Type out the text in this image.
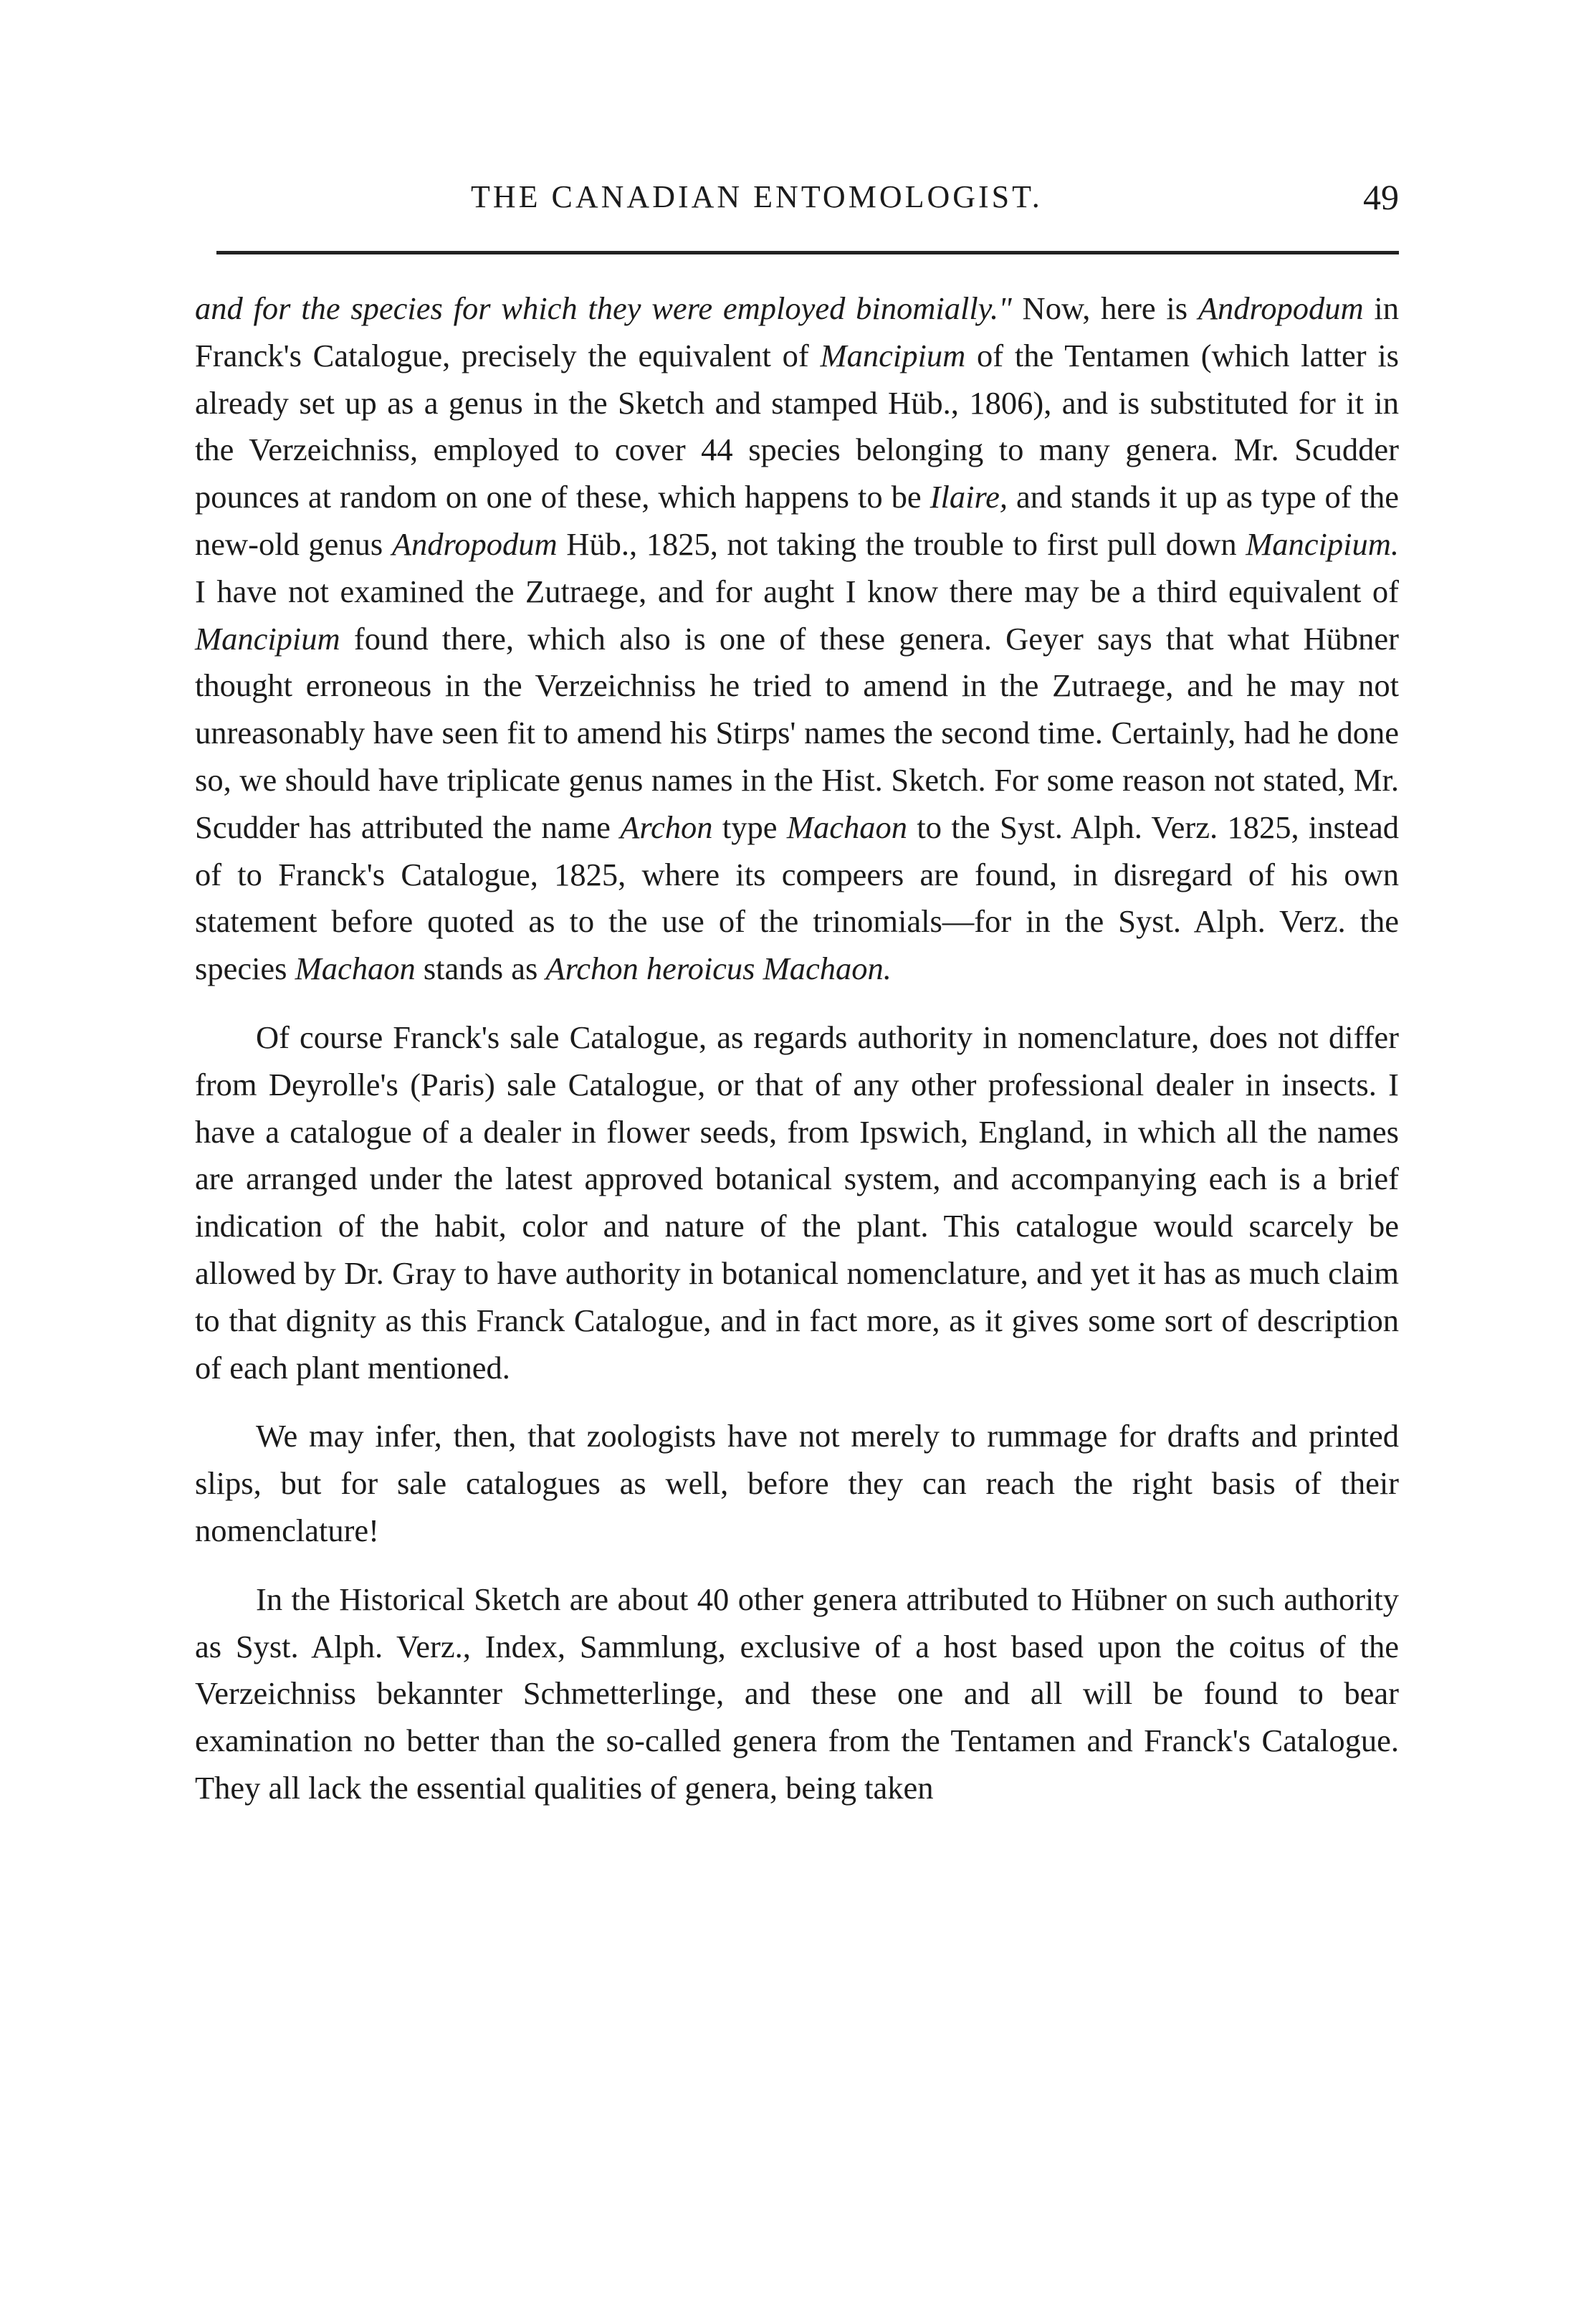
THE CANADIAN ENTOMOLOGIST.	49

and for the species for which they were employed binomially." Now, here is Andropodum in Franck's Catalogue, precisely the equivalent of Mancipium of the Tentamen (which latter is already set up as a genus in the Sketch and stamped Hüb., 1806), and is substituted for it in the Verzeichniss, employed to cover 44 species belonging to many genera. Mr. Scudder pounces at random on one of these, which happens to be Ilaire, and stands it up as type of the new-old genus Andropodum Hüb., 1825, not taking the trouble to first pull down Mancipium. I have not examined the Zutraege, and for aught I know there may be a third equivalent of Mancipium found there, which also is one of these genera. Geyer says that what Hübner thought erroneous in the Verzeichniss he tried to amend in the Zutraege, and he may not unreasonably have seen fit to amend his Stirps' names the second time. Certainly, had he done so, we should have triplicate genus names in the Hist. Sketch. For some reason not stated, Mr. Scudder has attributed the name Archon type Machaon to the Syst. Alph. Verz. 1825, instead of to Franck's Catalogue, 1825, where its compeers are found, in disregard of his own statement before quoted as to the use of the trinomials—for in the Syst. Alph. Verz. the species Machaon stands as Archon heroicus Machaon.

Of course Franck's sale Catalogue, as regards authority in nomenclature, does not differ from Deyrolle's (Paris) sale Catalogue, or that of any other professional dealer in insects. I have a catalogue of a dealer in flower seeds, from Ipswich, England, in which all the names are arranged under the latest approved botanical system, and accompanying each is a brief indication of the habit, color and nature of the plant. This catalogue would scarcely be allowed by Dr. Gray to have authority in botanical nomenclature, and yet it has as much claim to that dignity as this Franck Catalogue, and in fact more, as it gives some sort of description of each plant mentioned.

We may infer, then, that zoologists have not merely to rummage for drafts and printed slips, but for sale catalogues as well, before they can reach the right basis of their nomenclature!

In the Historical Sketch are about 40 other genera attributed to Hübner on such authority as Syst. Alph. Verz., Index, Sammlung, exclusive of a host based upon the coitus of the Verzeichniss bekannter Schmetterlinge, and these one and all will be found to bear examination no better than the so-called genera from the Tentamen and Franck's Catalogue. They all lack the essential qualities of genera, being taken
